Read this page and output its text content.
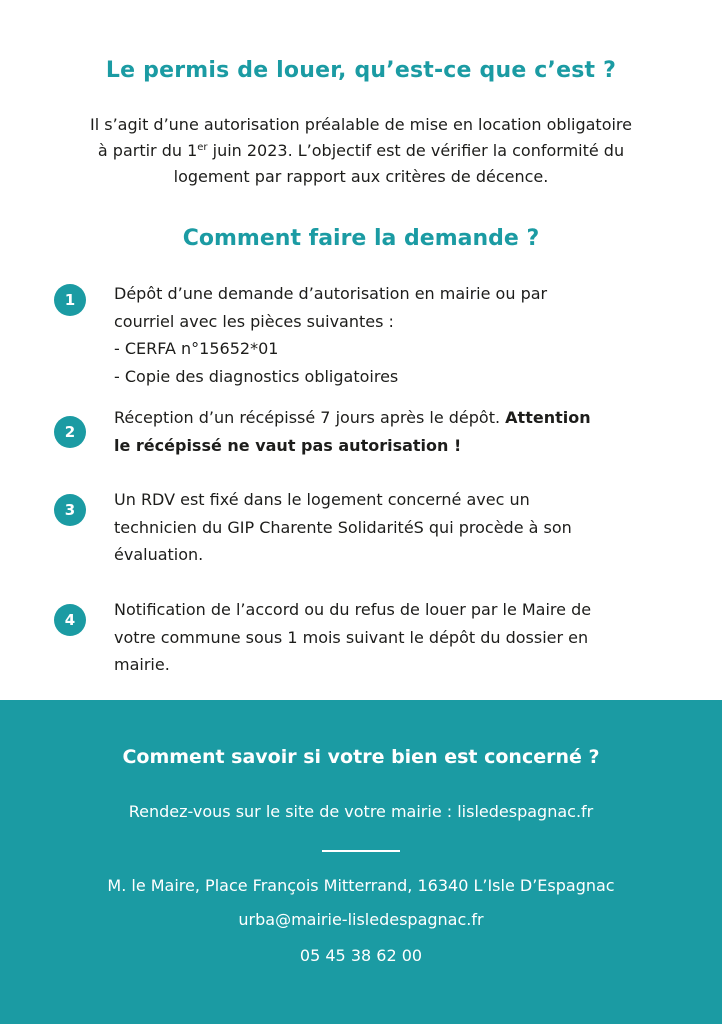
Le permis de louer, qu’est-ce que c’est ?
Il s’agit d’une autorisation préalable de mise en location obligatoire
à partir du 1er juin 2023. L’objectif est de vérifier la conformité du
logement par rapport aux critères de décence.
Comment faire la demande ?
1	Dépôt d’une demande d’autorisation en mairie ou par
courriel avec les pièces suivantes :
- CERFA n°15652*01
- Copie des diagnostics obligatoires
2
Réception d’un récépissé 7 jours après le dépôt. Attention
le récépissé ne vaut pas autorisation !
3
Un RDV est fixé dans le logement concerné avec un
technicien du GIP Charente SolidaritéS qui procède à son
évaluation.
4
Notification de l’accord ou du refus de louer par le Maire de
votre commune sous 1 mois suivant le dépôt du dossier en
mairie.
Comment savoir si votre bien est concerné ?
Rendez-vous sur le site de votre mairie : lisledespagnac.fr
M. le Maire, Place François Mitterrand, 16340 L’Isle D’Espagnac
urba@mairie-lisledespagnac.fr
05 45 38 62 00
